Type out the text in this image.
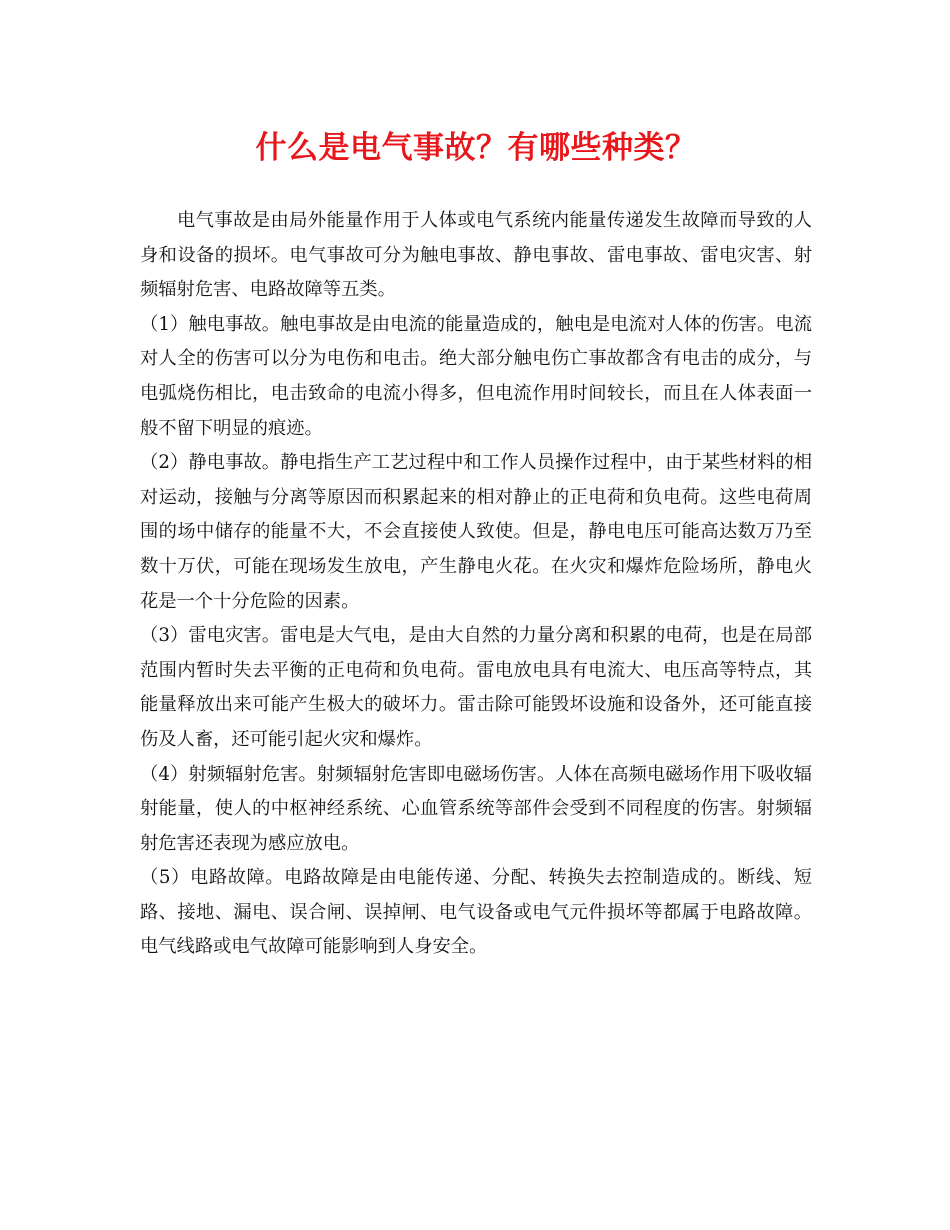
什么是电气事故？有哪些种类？

电气事故是由局外能量作用于人体或电气系统内能量传递发生故障而导致的人身和设备的损坏。电气事故可分为触电事故、静电事故、雷电事故、雷电灾害、射频辐射危害、电路故障等五类。

（1）触电事故。触电事故是由电流的能量造成的，触电是电流对人体的伤害。电流对人全的伤害可以分为电伤和电击。绝大部分触电伤亡事故都含有电击的成分，与电弧烧伤相比，电击致命的电流小得多，但电流作用时间较长，而且在人体表面一般不留下明显的痕迹。

（2）静电事故。静电指生产工艺过程中和工作人员操作过程中，由于某些材料的相对运动，接触与分离等原因而积累起来的相对静止的正电荷和负电荷。这些电荷周围的场中储存的能量不大，不会直接使人致使。但是，静电电压可能高达数万乃至数十万伏，可能在现场发生放电，产生静电火花。在火灾和爆炸危险场所，静电火花是一个十分危险的因素。

（3）雷电灾害。雷电是大气电，是由大自然的力量分离和积累的电荷，也是在局部范围内暂时失去平衡的正电荷和负电荷。雷电放电具有电流大、电压高等特点，其能量释放出来可能产生极大的破坏力。雷击除可能毁坏设施和设备外，还可能直接伤及人畜，还可能引起火灾和爆炸。

（4）射频辐射危害。射频辐射危害即电磁场伤害。人体在高频电磁场作用下吸收辐射能量，使人的中枢神经系统、心血管系统等部件会受到不同程度的伤害。射频辐射危害还表现为感应放电。

（5）电路故障。电路故障是由电能传递、分配、转换失去控制造成的。断线、短路、接地、漏电、误合闸、误掉闸、电气设备或电气元件损坏等都属于电路故障。电气线路或电气故障可能影响到人身安全。
